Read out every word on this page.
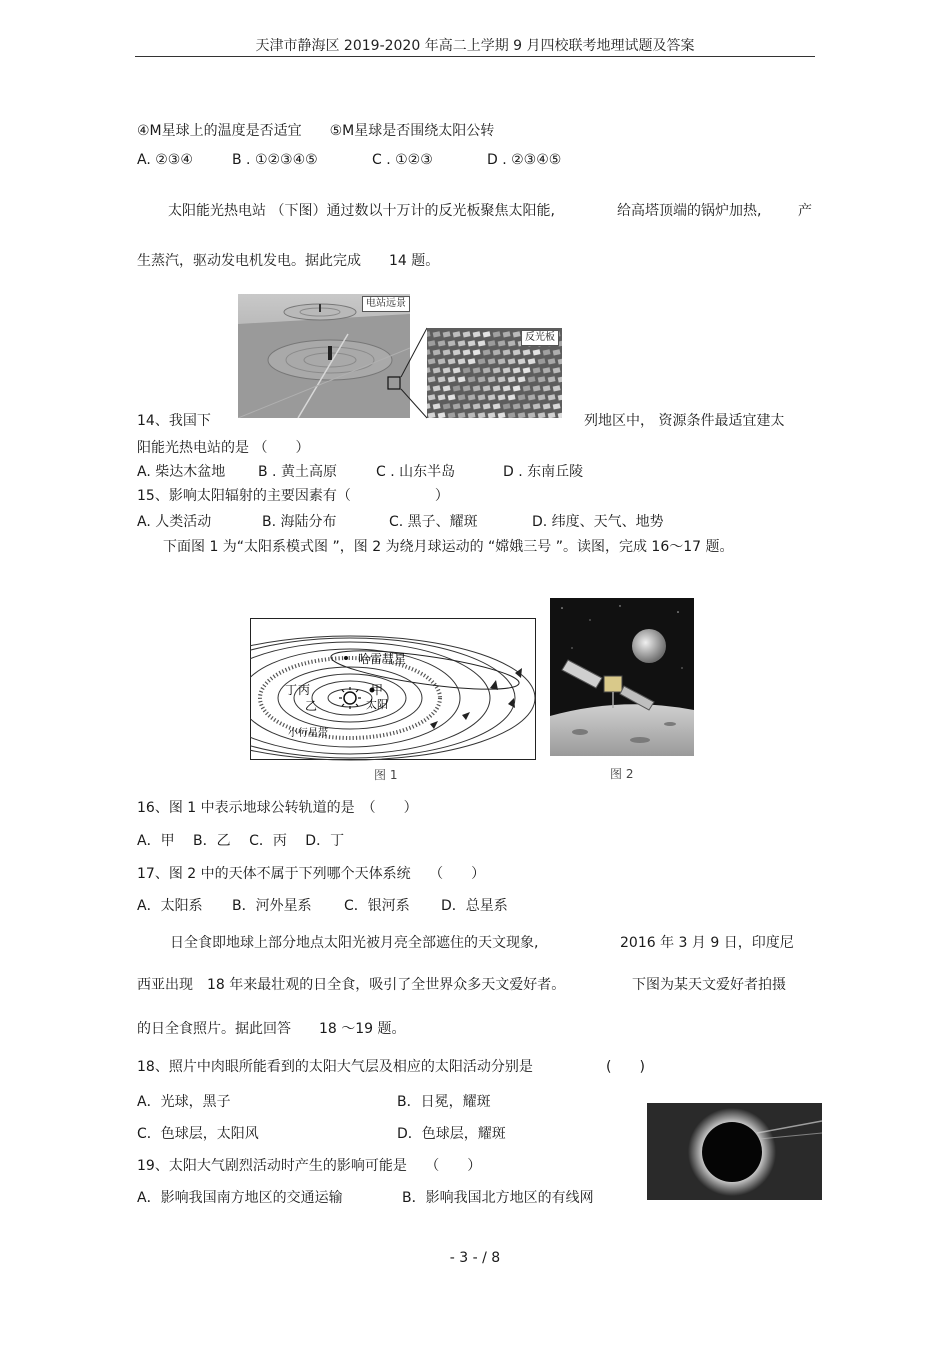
天津市静海区 2019-2020 年高二上学期 9 月四校联考地理试题及答案
④M星球上的温度是否适宜　　⑤M星球是否围绕太阳公转
A. ②③④	B . ①②③④⑤	C . ①②③	D . ②③④⑤
太阳能光热电站 （下图）通过数以十万计的反光板聚焦太阳能,	给高塔顶端的锅炉加热,	产
生蒸汽，驱动发电机发电。据此完成　　14 题。
电站远景
反光板
14、我国下	列地区中， 资源条件最适宜建太
阳能光热电站的是 （　　）
A. 柴达木盆地 B . 黄土高原	C . 山东半岛	D . 东南丘陵
15、影响太阳辐射的主要因素有（　　　　　　）
A. 人类活动	B. 海陆分布	C. 黑子、耀斑	D. 纬度、天气、地势
下面图 1 为“太阳系模式图 ”，图 2 为绕月球运动的 “嫦娥三号 ”。读图，完成 16～17 题。
哈雷彗星
甲
太阳
丁 丙
乙
小行星带
图 1	图 2
16、图 1 中表示地球公转轨道的是　（　　）
A．甲　 B．乙　 C．丙　 D．丁
17、图 2 中的天体不属于下列哪个天体系统　 （　　）
A．太阳系 B．河外星系 C．银河系 D．总星系
日全食即地球上部分地点太阳光被月亮全部遮住的天文现象,	2016 年 3 月 9 日，印度尼
西亚出现　18 年来最壮观的日全食，吸引了全世界众多天文爱好者。	下图为某天文爱好者拍摄
的日全食照片。据此回答　　18 ～19 题。
18、照片中肉眼所能看到的太阳大气层及相应的太阳活动分别是	(　　)
A．光球，黑子	B．日冕，耀斑
C．色球层，太阳风	D．色球层，耀斑
19、太阳大气剧烈活动时产生的影响可能是　 （　　）
A．影响我国南方地区的交通运输	B．影响我国北方地区的有线网
- 3 - / 8
